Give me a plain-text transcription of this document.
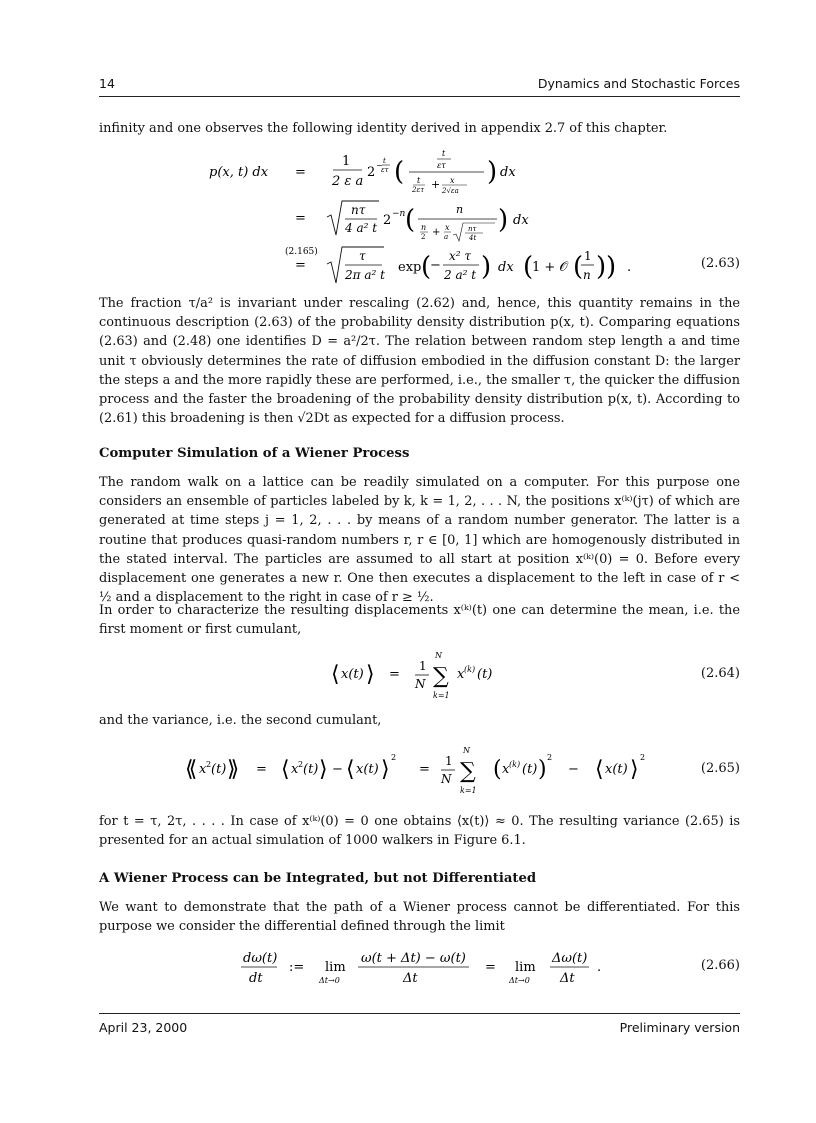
14	Dynamics and Stochastic Forces
infinity and one observes the following identity derived in appendix 2.7 of this chapter.
p(x, t) dx =
1
2 ε a
2 − t
ετ (
t
ετ
t
2ετ + x
2√εa
) dx
=
nτ
4 a² t 2 −n (	n
n
2 + x
a
nτ
4t
) dx
(2.165)
=
τ
2π a² t exp (
−
x² τ
2 a² t ) dx (
1 + 𝒪 ( 1
n ) ) .	(2.63)
The fraction τ/a² is invariant under rescaling (2.62) and, hence, this quantity remains in the continuous description (2.63) of the probability density distribution p(x, t). Comparing equations (2.63) and (2.48) one identifies D = a²/2τ. The relation between random step length a and time unit τ obviously determines the rate of diffusion embodied in the diffusion constant D: the larger the steps a and the more rapidly these are performed, i.e., the smaller τ, the quicker the diffusion process and the faster the broadening of the probability density distribution p(x, t). According to (2.61) this broadening is then √2Dt as expected for a diffusion process.
Computer Simulation of a Wiener Process
The random walk on a lattice can be readily simulated on a computer. For this purpose one considers an ensemble of particles labeled by k, k = 1, 2, . . . N, the positions x⁽ᵏ⁾(jτ) of which are generated at time steps j = 1, 2, . . . by means of a random number generator. The latter is a routine that produces quasi-random numbers r, r ∈ [0, 1] which are homogenously distributed in the stated interval. The particles are assumed to all start at position x⁽ᵏ⁾(0) = 0. Before every displacement one generates a new r. One then executes a displacement to the left in case of r < ½ and a displacement to the right in case of r ≥ ½.
In order to characterize the resulting displacements x⁽ᵏ⁾(t) one can determine the mean, i.e. the first moment or first cumulant,
⟨ x(t) ⟩ =
1
N
N
∑
k=1
x (k) (t)	(2.64)
and the variance, i.e. the second cumulant,
⟪ x 2 (t) ⟫ = ⟨ x 2 (t) ⟩ − ⟨ x(t) ⟩ 2
=
1
N
N
∑
k=1
( x (k) (t) ) 2
− ⟨ x(t) ⟩ 2
(2.65)
for t = τ, 2τ, . . . . In case of x⁽ᵏ⁾(0) = 0 one obtains ⟨x(t)⟩ ≈ 0. The resulting variance (2.65) is presented for an actual simulation of 1000 walkers in Figure 6.1.
A Wiener Process can be Integrated, but not Differentiated
We want to demonstrate that the path of a Wiener process cannot be differentiated. For this purpose we consider the differential defined through the limit
dω(t)
dt
:= lim
Δt→0
ω(t + Δt) − ω(t)
Δt
= lim
Δt→0
Δω(t)
Δt
.	(2.66)
April 23, 2000	Preliminary version
